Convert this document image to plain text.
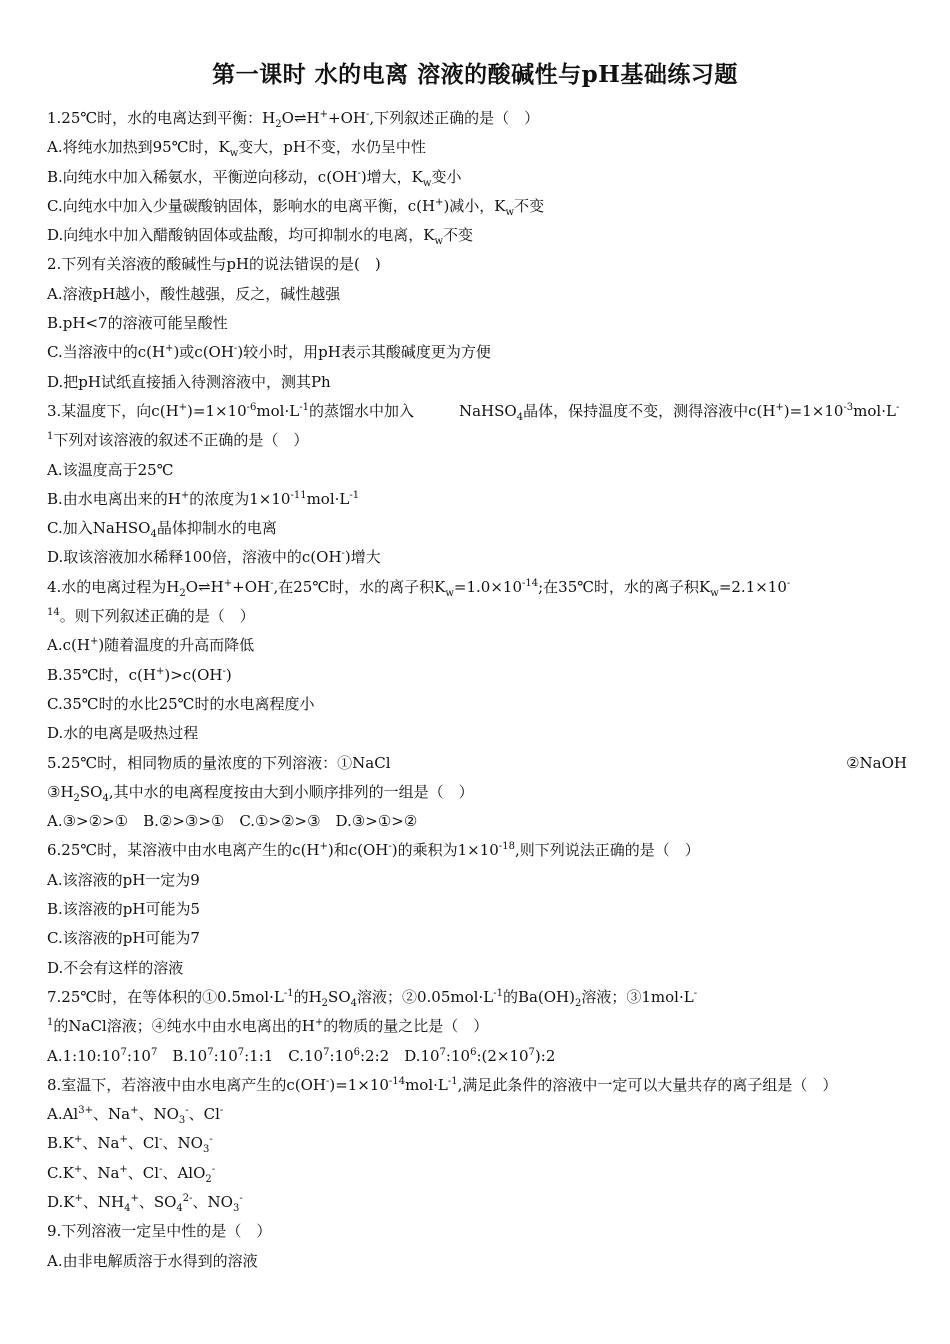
第一课时 水的电离 溶液的酸碱性与pH基础练习题
1.25℃时，水的电离达到平衡：$H_2O\rightleftharpoons H^++OH^-$,下列叙述正确的是（　）
A.将纯水加热到95℃时，$K_w$变大，pH不变，水仍呈中性
B.向纯水中加入稀氨水，平衡逆向移动，c(OH-)增大，$K_w$变小
C.向纯水中加入少量碳酸钠固体，影响水的电离平衡，c(H+)减小，$K_w$不变
D.向纯水中加入醋酸钠固体或盐酸，均可抑制水的电离，$K_w$不变
2.下列有关溶液的酸碱性与pH的说法错误的是(　)
A.溶液pH越小，酸性越强，反之，碱性越强
B.pH<7的溶液可能呈酸性
C.当溶液中的c(H+)或c(OH-)较小时，用pH表示其酸碱度更为方便
D.把pH试纸直接插入待测溶液中，测其Ph
3.某温度下，向$c(H^+)=1\times 10^{-6}mol\cdot L^{-1}$的蒸馏水中加入　　　NaHSO$_4$晶体，保持温度不变，测得溶液中$c(H^+)=1\times 10^{-3}mol\cdot L^-$
$^1$下列对该溶液的叙述不正确的是（　）
A.该温度高于25℃
B.由水电离出来的H+的浓度为$1\times 10^{-11}mol\cdot L^{-1}$
C.加入NaHSO$_4$晶体抑制水的电离
D.取该溶液加水稀释100倍，溶液中的c(OH-)增大
4.水的电离过程为$H_2O\rightleftharpoons H^++OH^-$,在25℃时，水的离子积$K_w=1.0\times 10^{-14}$;在35℃时，水的离子积$K_w=2.1\times 10^-$
$^{14}$。则下列叙述正确的是（　）
A.c(H+)随着温度的升高而降低
B.35℃时，c(H+)>c(OH-)
C.35℃时的水比25℃时的水电离程度小
D.水的电离是吸热过程
5.25℃时，相同物质的量浓度的下列溶液：①NaCl	②NaOH
$③H_2SO_4$,其中水的电离程度按由大到小顺序排列的一组是（　）
A.③>②>①　B.②>③>①　C.①>②>③　D.③>①>②
6.25℃时，某溶液中由水电离产生的c(H+)和c(OH-)的乘积为$1\times 10^{-18}$,则下列说法正确的是（　）
A.该溶液的pH一定为9
B.该溶液的pH可能为5
C.该溶液的pH可能为7
D.不会有这样的溶液
7.25℃时，在等体积的$①0.5mol\cdot L^{-1}$的$H_2SO_4$溶液；$②0.05mol\cdot L^{-1}$的$Ba(OH)_2$溶液；③1mol·L-
$^1$的NaCl溶液；④纯水中由水电离出的H+的物质的量之比是（　）
$A.1:10:10^7:10^7$　$B.10^7:10^7:1:1$　$C.10^7:10^6:2:2$　$D.10^7:10^6:(2\times 10^7):2$
8.室温下，若溶液中由水电离产生的$c(OH^-)=1\times 10^{-14}mol\cdot L^{-1}$,满足此条件的溶液中一定可以大量共存的离子组是（　）
$A.Al^{3+}$、Na+、$NO_3^-$、Cl-
B.K+、Na+、Cl-、$NO_3^-$
C.K+、Na+、Cl-、AlO$_2$-
D.K+、$NH_4^+$、$SO_4^{2-}$、$NO_3^-$
9.下列溶液一定呈中性的是（　）
A.由非电解质溶于水得到的溶液
